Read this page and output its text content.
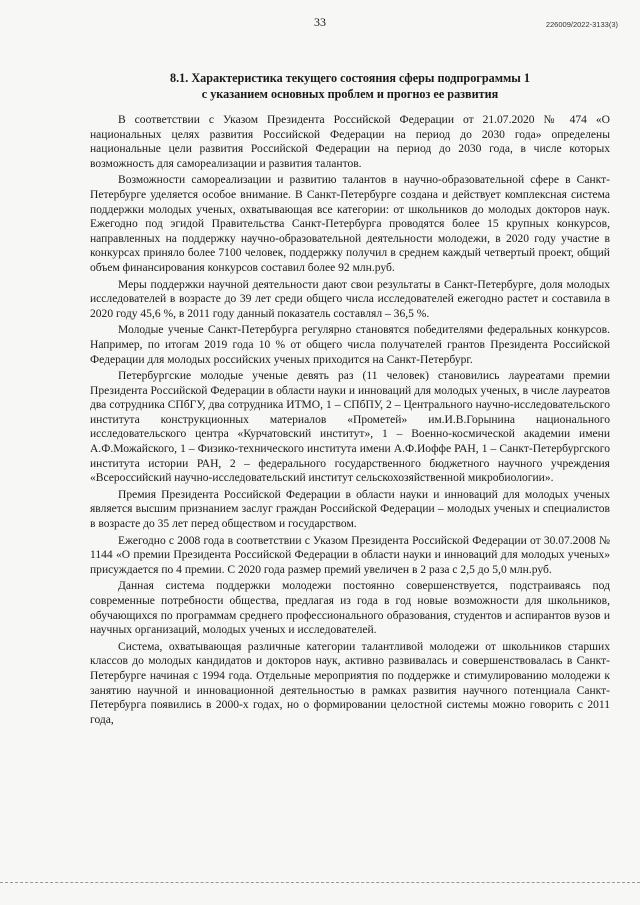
33	226009/2022-3133(3)
8.1. Характеристика текущего состояния сферы подпрограммы 1
с указанием основных проблем и прогноз ее развития

В соответствии с Указом Президента Российской Федерации от 21.07.2020 № 474 «О национальных целях развития Российской Федерации на период до 2030 года» определены национальные цели развития Российской Федерации на период до 2030 года, в числе которых возможность для самореализации и развития талантов.

Возможности самореализации и развитию талантов в научно-образовательной сфере в Санкт-Петербурге уделяется особое внимание. В Санкт-Петербурге создана и действует комплексная система поддержки молодых ученых, охватывающая все категории: от школьников до молодых докторов наук. Ежегодно под эгидой Правительства Санкт-Петербурга проводятся более 15 крупных конкурсов, направленных на поддержку научно-образовательной деятельности молодежи, в 2020 году участие в конкурсах приняло более 7100 человек, поддержку получил в среднем каждый четвертый проект, общий объем финансирования конкурсов составил более 92 млн.руб.

Меры поддержки научной деятельности дают свои результаты в Санкт-Петербурге, доля молодых исследователей в возрасте до 39 лет среди общего числа исследователей ежегодно растет и составила в 2020 году 45,6 %, в 2011 году данный показатель составлял – 36,5 %.

Молодые ученые Санкт-Петербурга регулярно становятся победителями федеральных конкурсов. Например, по итогам 2019 года 10 % от общего числа получателей грантов Президента Российской Федерации для молодых российских ученых приходится на Санкт-Петербург.

Петербургские молодые ученые девять раз (11 человек) становились лауреатами премии Президента Российской Федерации в области науки и инноваций для молодых ученых, в числе лауреатов два сотрудника СПбГУ, два сотрудника ИТМО, 1 – СПбПУ, 2 – Центрального научно-исследовательского института конструкционных материалов «Прометей» им.И.В.Горынина национального исследовательского центра «Курчатовский институт», 1 – Военно-космической академии имени А.Ф.Можайского, 1 – Физико-технического института имени А.Ф.Иоффе РАН, 1 – Санкт-Петербургского института истории РАН, 2 – федерального государственного бюджетного научного учреждения «Всероссийский научно-исследовательский институт сельскохозяйственной микробиологии».

Премия Президента Российской Федерации в области науки и инноваций для молодых ученых является высшим признанием заслуг граждан Российской Федерации – молодых ученых и специалистов в возрасте до 35 лет перед обществом и государством.

Ежегодно с 2008 года в соответствии с Указом Президента Российской Федерации от 30.07.2008 № 1144 «О премии Президента Российской Федерации в области науки и инноваций для молодых ученых» присуждается по 4 премии. С 2020 года размер премий увеличен в 2 раза с 2,5 до 5,0 млн.руб.

Данная система поддержки молодежи постоянно совершенствуется, подстраиваясь под современные потребности общества, предлагая из года в год новые возможности для школьников, обучающихся по программам среднего профессионального образования, студентов и аспирантов вузов и научных организаций, молодых ученых и исследователей.

Система, охватывающая различные категории талантливой молодежи от школьников старших классов до молодых кандидатов и докторов наук, активно развивалась и совершенствовалась в Санкт-Петербурге начиная с 1994 года. Отдельные мероприятия по поддержке и стимулированию молодежи к занятию научной и инновационной деятельностью в рамках развития научного потенциала Санкт-Петербурга появились в 2000-х годах, но о формировании целостной системы можно говорить с 2011 года,
